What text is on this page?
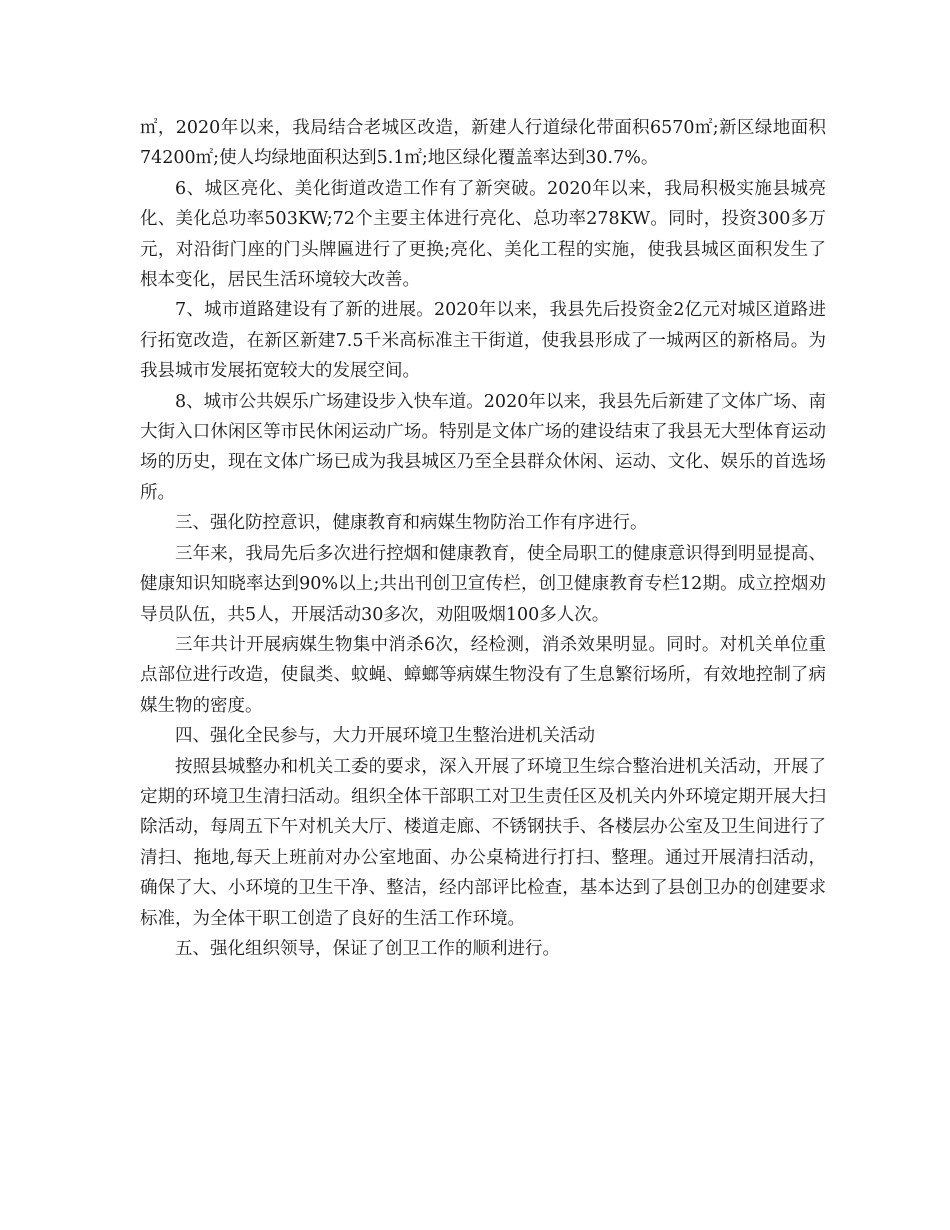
㎡，2020年以来，我局结合老城区改造，新建人行道绿化带面积6570㎡;新区绿地面积74200㎡;使人均绿地面积达到5.1㎡;地区绿化覆盖率达到30.7%。

6、城区亮化、美化街道改造工作有了新突破。2020年以来，我局积极实施县城亮化、美化总功率503KW;72个主要主体进行亮化、总功率278KW。同时，投资300多万元，对沿街门座的门头牌匾进行了更换;亮化、美化工程的实施，使我县城区面积发生了根本变化，居民生活环境较大改善。

7、城市道路建设有了新的进展。2020年以来，我县先后投资金2亿元对城区道路进行拓宽改造，在新区新建7.5千米高标准主干街道，使我县形成了一城两区的新格局。为我县城市发展拓宽较大的发展空间。

8、城市公共娱乐广场建设步入快车道。2020年以来，我县先后新建了文体广场、南大街入口休闲区等市民休闲运动广场。特别是文体广场的建设结束了我县无大型体育运动场的历史，现在文体广场已成为我县城区乃至全县群众休闲、运动、文化、娱乐的首选场所。

三、强化防控意识，健康教育和病媒生物防治工作有序进行。

三年来，我局先后多次进行控烟和健康教育，使全局职工的健康意识得到明显提高、健康知识知晓率达到90%以上;共出刊创卫宣传栏，创卫健康教育专栏12期。成立控烟劝导员队伍，共5人，开展活动30多次，劝阻吸烟100多人次。

三年共计开展病媒生物集中消杀6次，经检测，消杀效果明显。同时。对机关单位重点部位进行改造，使鼠类、蚊蝇、蟑螂等病媒生物没有了生息繁衍场所，有效地控制了病媒生物的密度。

四、强化全民参与，大力开展环境卫生整治进机关活动

按照县城整办和机关工委的要求，深入开展了环境卫生综合整治进机关活动，开展了定期的环境卫生清扫活动。组织全体干部职工对卫生责任区及机关内外环境定期开展大扫除活动，每周五下午对机关大厅、楼道走廊、不锈钢扶手、各楼层办公室及卫生间进行了清扫、拖地,每天上班前对办公室地面、办公桌椅进行打扫、整理。通过开展清扫活动，确保了大、小环境的卫生干净、整洁，经内部评比检查，基本达到了县创卫办的创建要求标准，为全体干职工创造了良好的生活工作环境。

五、强化组织领导，保证了创卫工作的顺利进行。
